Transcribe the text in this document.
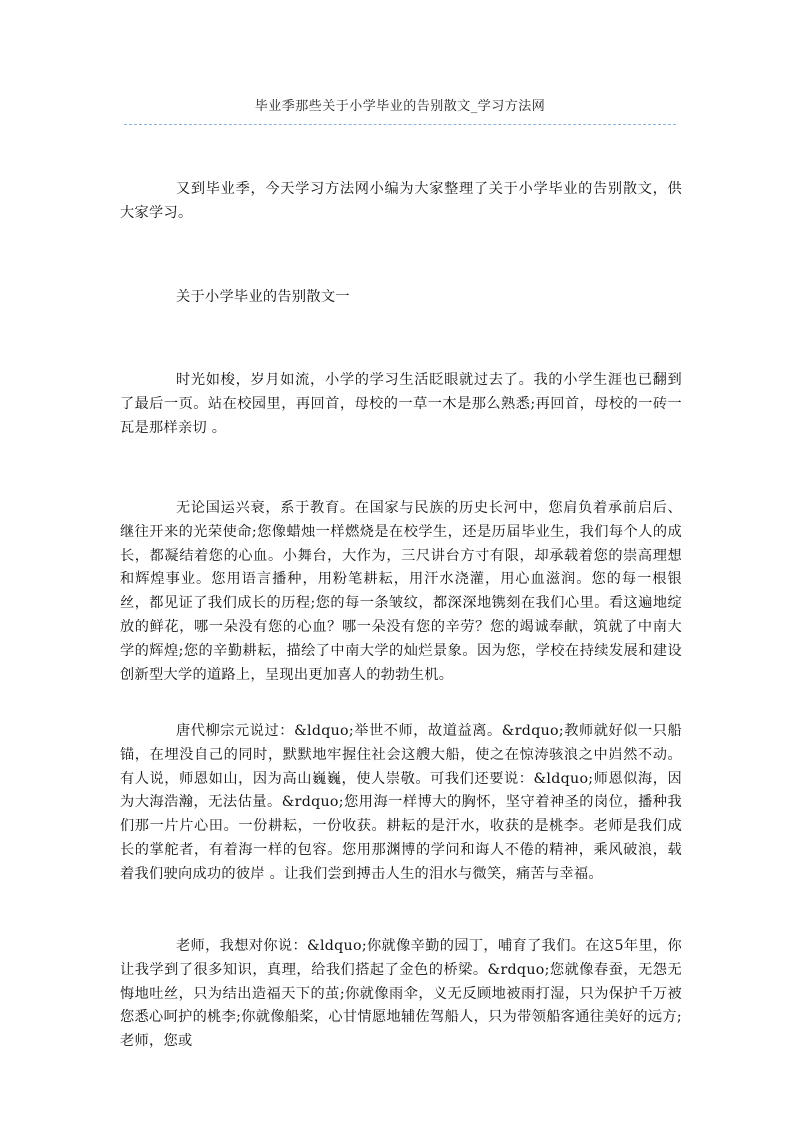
毕业季那些关于小学毕业的告别散文_学习方法网

又到毕业季，今天学习方法网小编为大家整理了关于小学毕业的告别散文，供大家学习。

关于小学毕业的告别散文一

时光如梭，岁月如流，小学的学习生活眨眼就过去了。我的小学生涯也已翻到了最后一页。站在校园里，再回首，母校的一草一木是那么熟悉;再回首，母校的一砖一瓦是那样亲切 。

无论国运兴衰，系于教育。在国家与民族的历史长河中，您肩负着承前启后、继往开来的光荣使命;您像蜡烛一样燃烧是在校学生，还是历届毕业生，我们每个人的成长，都凝结着您的心血。小舞台，大作为，三尺讲台方寸有限，却承载着您的崇高理想和辉煌事业。您用语言播种，用粉笔耕耘，用汗水浇灌，用心血滋润。您的每一根银丝，都见证了我们成长的历程;您的每一条皱纹，都深深地镌刻在我们心里。看这遍地绽放的鲜花，哪一朵没有您的心血？哪一朵没有您的辛劳？您的竭诚奉献，筑就了中南大学的辉煌;您的辛勤耕耘，描绘了中南大学的灿烂景象。因为您，学校在持续发展和建设创新型大学的道路上，呈现出更加喜人的勃勃生机。

唐代柳宗元说过：&ldquo;举世不师，故道益离。&rdquo;教师就好似一只船锚，在埋没自己的同时，默默地牢握住社会这艘大船，使之在惊涛骇浪之中岿然不动。有人说，师恩如山，因为高山巍巍，使人崇敬。可我们还要说：&ldquo;师恩似海，因为大海浩瀚，无法估量。&rdquo;您用海一样博大的胸怀，坚守着神圣的岗位，播种我们那一片片心田。一份耕耘，一份收获。耕耘的是汗水，收获的是桃李。老师是我们成长的掌舵者，有着海一样的包容。您用那渊博的学问和诲人不倦的精神，乘风破浪，载着我们驶向成功的彼岸 。让我们尝到搏击人生的泪水与微笑，痛苦与幸福。

老师，我想对你说：&ldquo;你就像辛勤的园丁，哺育了我们。在这5年里，你让我学到了很多知识，真理，给我们搭起了金色的桥梁。&rdquo;您就像春蚕，无怨无悔地吐丝，只为结出造福天下的茧;你就像雨伞，义无反顾地被雨打湿，只为保护千万被您悉心呵护的桃李;你就像船桨，心甘情愿地辅佐驾船人，只为带领船客通往美好的远方; 老师，您或
